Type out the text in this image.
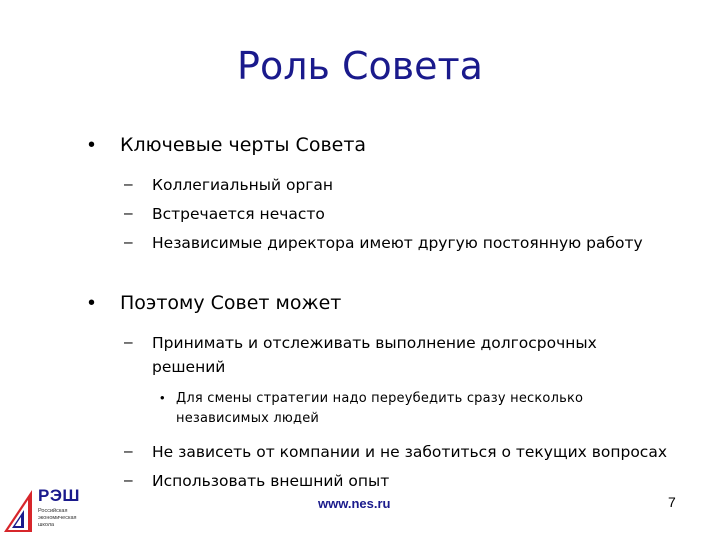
Роль Совета
• Ключевые черты Совета
– Коллегиальный орган
– Встречается нечасто
– Независимые директора имеют другую постоянную работу
• Поэтому Совет может
– Принимать и отслеживать выполнение долгосрочных решений
• Для смены стратегии надо переубедить сразу несколько независимых людей
– Не зависеть от компании и не заботиться о текущих вопросах
– Использовать внешний опыт
РЭШ
Российская экономическая школа
www.nes.ru	7
